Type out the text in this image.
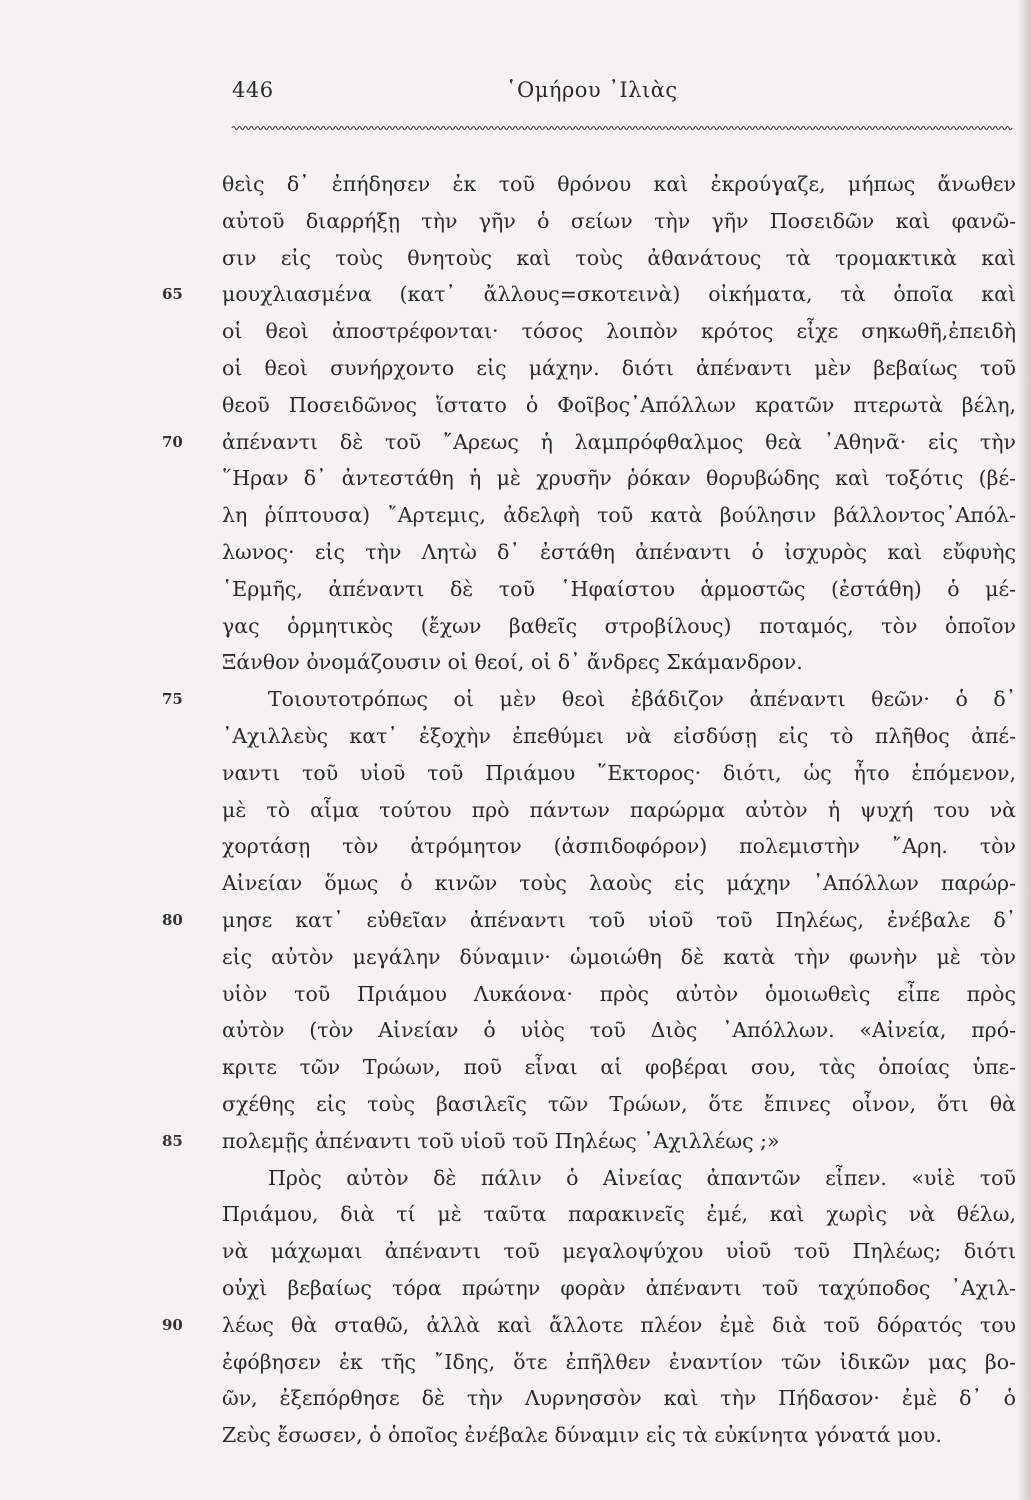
446	῾Ομήρου ᾿Ιλιὰς
θεὶς δ᾽ ἐπήδησεν ἐκ τοῦ θρόνου καὶ ἐκρούγαζε, μήπως ἄνωθεν
αὐτοῦ διαρρήξῃ τὴν γῆν ὁ σείων τὴν γῆν Ποσειδῶν καὶ φανῶ-
σιν εἰς τοὺς θνητοὺς καὶ τοὺς ἀθανάτους τὰ τρομακτικὰ καὶ
65	μουχλιασμένα (κατ᾽ ἄλλους=σκοτεινὰ) οἰκήματα, τὰ ὁποῖα καὶ
οἱ θεοὶ ἀποστρέφονται· τόσος λοιπὸν κρότος εἶχε σηκωθῆ,ἐπειδὴ
οἱ θεοὶ συνήρχοντο εἰς μάχην. διότι ἀπέναντι μὲν βεβαίως τοῦ
θεοῦ Ποσειδῶνος ἵστατο ὁ Φοῖβος᾽Απόλλων κρατῶν πτερωτὰ βέλη,
70	ἀπέναντι δὲ τοῦ ῎Αρεως ἡ λαμπρόφθαλμος θεὰ ᾿Αθηνᾶ· εἰς τὴν
῞Ηραν δ᾽ ἀντεστάθη ἡ μὲ χρυσῆν ῥόκαν θορυβώδης καὶ τοξότις (βέ-
λη ῥίπτουσα) ῎Αρτεμις, ἀδελφὴ τοῦ κατὰ βούλησιν βάλλοντος᾽Απόλ-
λωνος· εἰς τὴν Λητὼ δ᾽ ἐστάθη ἀπέναντι ὁ ἰσχυρὸς καὶ εὔφυὴς
῾Ερμῆς, ἀπέναντι δὲ τοῦ ῾Ηφαίστου ἁρμοστῶς (ἐστάθη) ὁ μέ-
γας ὁρμητικὸς (ἔχων βαθεῖς στροβίλους) ποταμός, τὸν ὁποῖον
Ξάνθον ὀνομάζουσιν οἱ θεοί, οἱ δ᾽ ἄνδρες Σκάμανδρον.
75	Τοιουτοτρόπως οἱ μὲν θεοὶ ἐβάδιζον ἀπέναντι θεῶν· ὁ δ᾽
᾽Αχιλλεὺς κατ᾽ ἐξοχὴν ἐπεθύμει νὰ εἰσδύσῃ εἰς τὸ πλῆθος ἀπέ-
ναντι τοῦ υἱοῦ τοῦ Πριάμου ῞Εκτορος· διότι, ὡς ἦτο ἑπόμενον,
μὲ τὸ αἷμα τούτου πρὸ πάντων παρώρμα αὐτὸν ἡ ψυχή του νὰ
χορτάσῃ τὸν ἀτρόμητον (ἀσπιδοφόρον) πολεμιστὴν ῎Αρη. τὸν
Αἰνείαν ὅμως ὁ κινῶν τοὺς λαοὺς εἰς μάχην ᾽Απόλλων παρώρ-
80	μησε κατ᾽ εὐθεῖαν ἀπέναντι τοῦ υἱοῦ τοῦ Πηλέως, ἐνέβαλε δ᾽
εἰς αὐτὸν μεγάλην δύναμιν· ὡμοιώθη δὲ κατὰ τὴν φωνὴν μὲ τὸν
υἱὸν τοῦ Πριάμου Λυκάονα· πρὸς αὐτὸν ὁμοιωθεὶς εἶπε πρὸς
αὐτὸν (τὸν Αἰνείαν ὁ υἱὸς τοῦ Διὸς ᾽Απόλλων. «Αἰνεία, πρό-
κριτε τῶν Τρώων, ποῦ εἶναι αἱ φοβέραι σου, τὰς ὁποίας ὑπε-
σχέθης εἰς τοὺς βασιλεῖς τῶν Τρώων, ὅτε ἔπινες οἶνον, ὅτι θὰ
85	πολεμῇς ἀπέναντι τοῦ υἱοῦ τοῦ Πηλέως ᾽Αχιλλέως ;»
Πρὸς αὐτὸν δὲ πάλιν ὁ Αἰνείας ἀπαντῶν εἶπεν. «υἱὲ τοῦ
Πριάμου, διὰ τί μὲ ταῦτα παρακινεῖς ἐμέ, καὶ χωρὶς νὰ θέλω,
νὰ μάχωμαι ἀπέναντι τοῦ μεγαλοψύχου υἱοῦ τοῦ Πηλέως; διότι
οὐχὶ βεβαίως τόρα πρώτην φορὰν ἀπέναντι τοῦ ταχύποδος ᾽Αχιλ-
90	λέως θὰ σταθῶ, ἀλλὰ καὶ ἄλλοτε πλέον ἐμὲ διὰ τοῦ δόρατός του
ἐφόβησεν ἐκ τῆς ῎Ιδης, ὅτε ἐπῆλθεν ἐναντίον τῶν ἰδικῶν μας βο-
ῶν, ἐξεπόρθησε δὲ τὴν Λυρνησσὸν καὶ τὴν Πήδασον· ἐμὲ δ᾽ ὁ
Ζεὺς ἔσωσεν, ὁ ὁποῖος ἐνέβαλε δύναμιν εἰς τὰ εὐκίνητα γόνατά μου.
